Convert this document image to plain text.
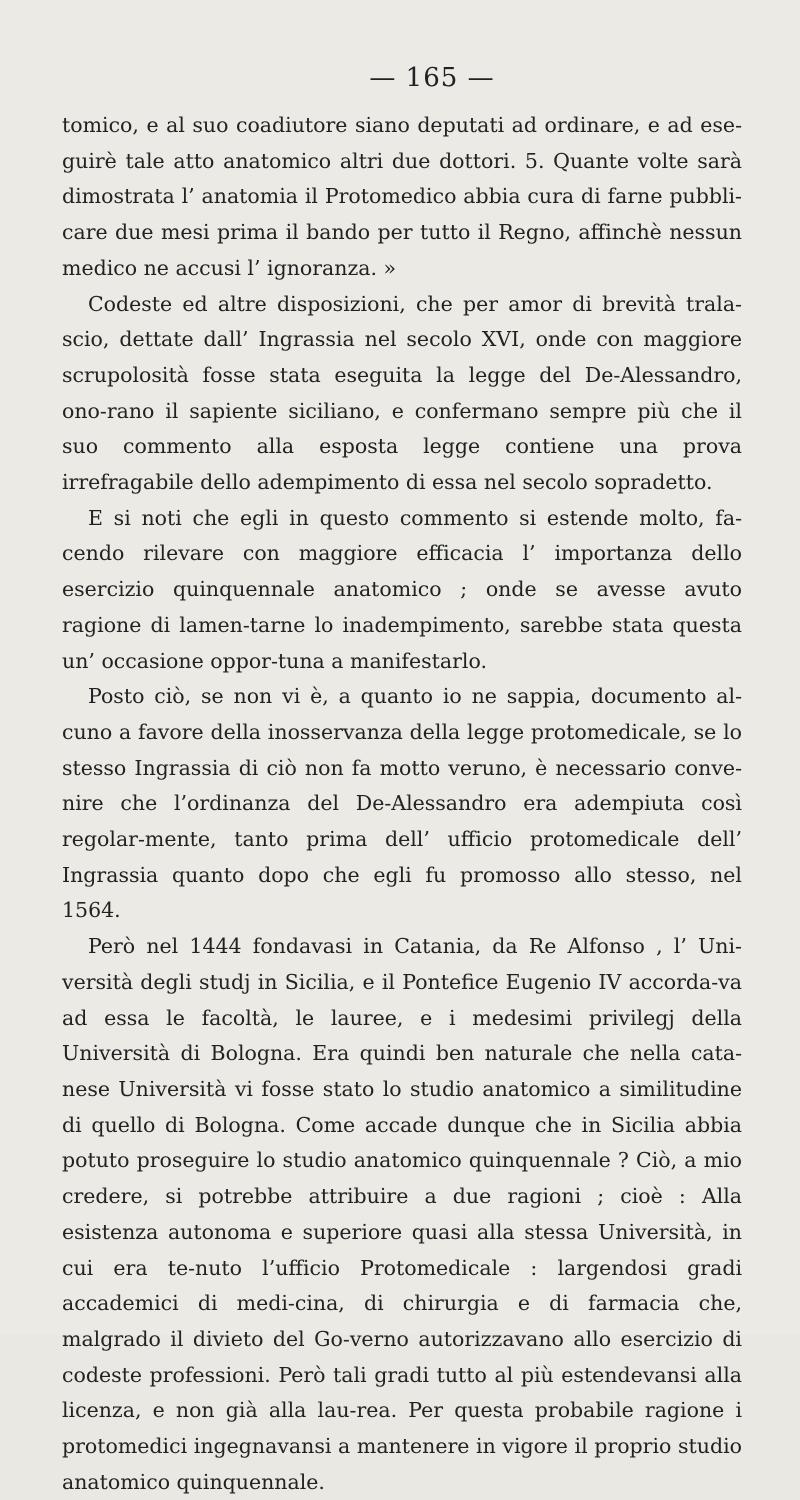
— 165 —

tomico, e al suo coadiutore siano deputati ad ordinare, e ad ese-guirè tale atto anatomico altri due dottori. 5. Quante volte sarà dimostrata l’ anatomia il Protomedico abbia cura di farne pubbli-care due mesi prima il bando per tutto il Regno, affinchè nessun medico ne accusi l’ ignoranza. »

Codeste ed altre disposizioni, che per amor di brevità trala-scio, dettate dall’ Ingrassia nel secolo XVI, onde con maggiore scrupolosità fosse stata eseguita la legge del De-Alessandro, ono-rano il sapiente siciliano, e confermano sempre più che il suo commento alla esposta legge contiene una prova irrefragabile dello adempimento di essa nel secolo sopradetto.

E si noti che egli in questo commento si estende molto, fa-cendo rilevare con maggiore efficacia l’ importanza dello esercizio quinquennale anatomico ; onde se avesse avuto ragione di lamen-tarne lo inadempimento, sarebbe stata questa un’ occasione oppor-tuna a manifestarlo.

Posto ciò, se non vi è, a quanto io ne sappia, documento al-cuno a favore della inosservanza della legge protomedicale, se lo stesso Ingrassia di ciò non fa motto veruno, è necessario conve-nire che l’ordinanza del De-Alessandro era adempiuta così regolar-mente, tanto prima dell’ ufficio protomedicale dell’ Ingrassia quanto dopo che egli fu promosso allo stesso, nel 1564.

Però nel 1444 fondavasi in Catania, da Re Alfonso , l’ Uni-versità degli studj in Sicilia, e il Pontefice Eugenio IV accorda-va ad essa le facoltà, le lauree, e i medesimi privilegj della Università di Bologna. Era quindi ben naturale che nella cata-nese Università vi fosse stato lo studio anatomico a similitudine di quello di Bologna. Come accade dunque che in Sicilia abbia potuto proseguire lo studio anatomico quinquennale ? Ciò, a mio credere, si potrebbe attribuire a due ragioni ; cioè : Alla esistenza autonoma e superiore quasi alla stessa Università, in cui era te-nuto l’ufficio Protomedicale : largendosi gradi accademici di medi-cina, di chirurgia e di farmacia che, malgrado il divieto del Go-verno autorizzavano allo esercizio di codeste professioni. Però tali gradi tutto al più estendevansi alla licenza, e non già alla lau-rea. Per questa probabile ragione i protomedici ingegnavansi a mantenere in vigore il proprio studio anatomico quinquennale.
